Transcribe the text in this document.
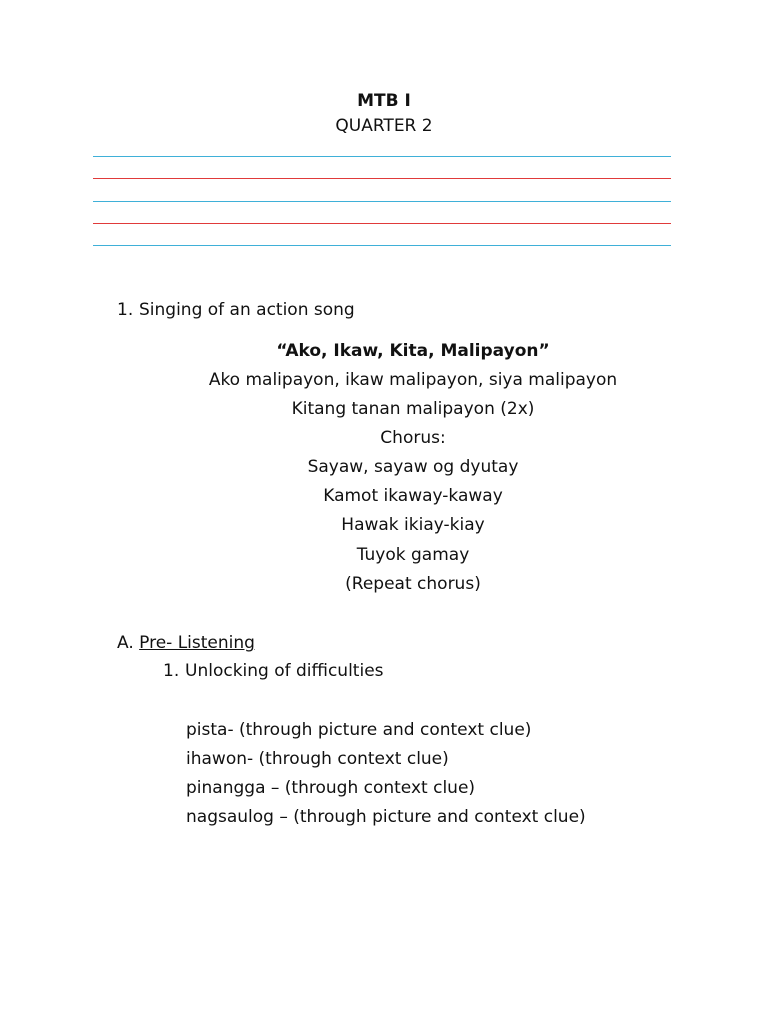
MTB I
QUARTER 2
1. Singing of an action song
“Ako, Ikaw, Kita, Malipayon”
Ako malipayon, ikaw malipayon, siya malipayon
Kitang tanan malipayon (2x)
Chorus:
Sayaw, sayaw og dyutay
Kamot ikaway-kaway
Hawak ikiay-kiay
Tuyok gamay
(Repeat chorus)
A. Pre- Listening
1. Unlocking of difficulties
pista- (through picture and context clue)
ihawon- (through context clue)
pinangga – (through context clue)
nagsaulog – (through picture and context clue)
